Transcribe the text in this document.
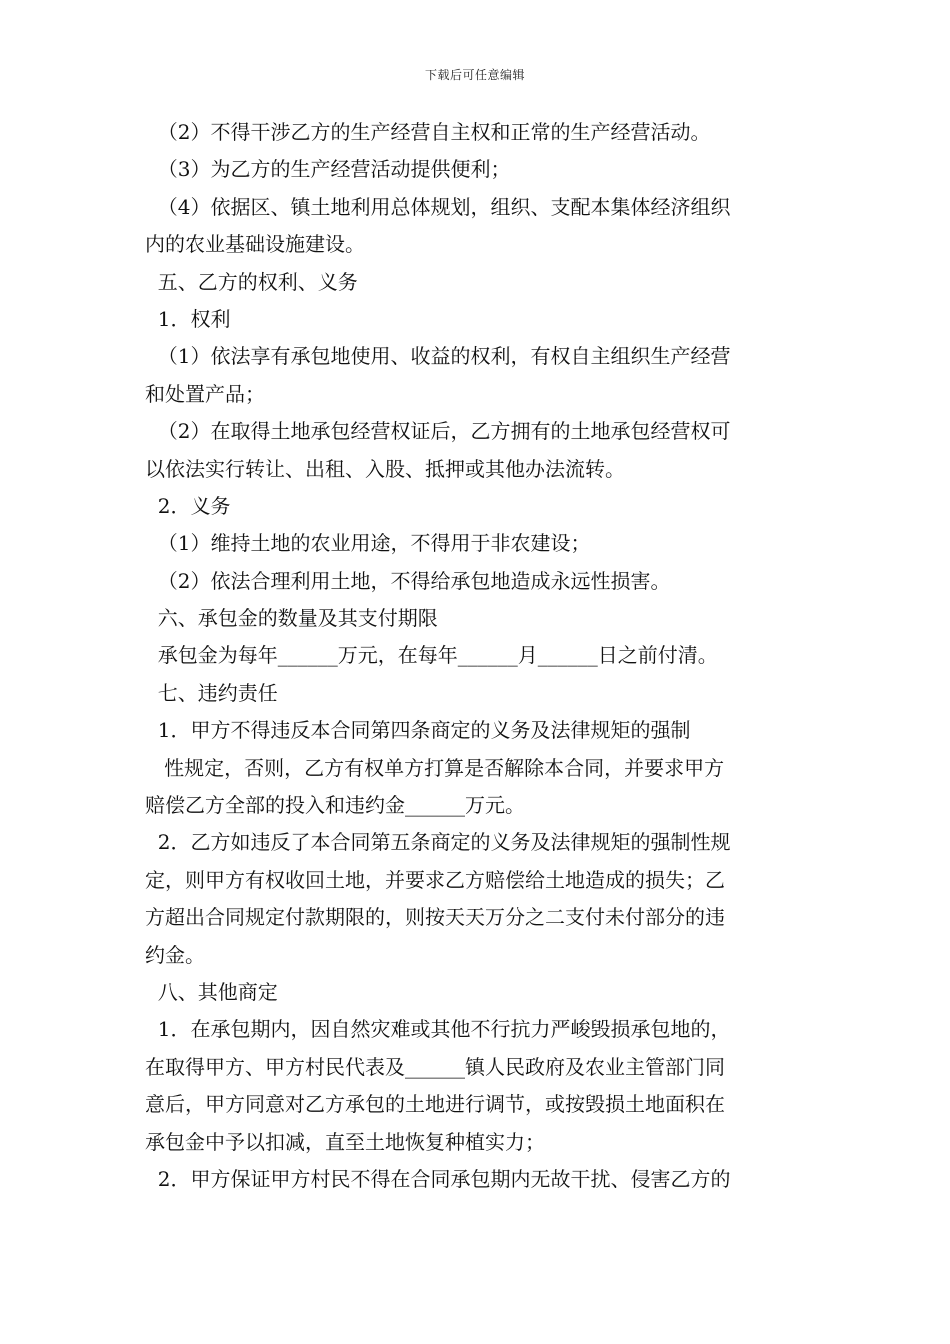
下载后可任意编辑
（2）不得干涉乙方的生产经营自主权和正常的生产经营活动。
（3）为乙方的生产经营活动提供便利；
（4）依据区、镇土地利用总体规划，组织、支配本集体经济组织
内的农业基础设施建设。
五、乙方的权利、义务
1．权利
（1）依法享有承包地使用、收益的权利，有权自主组织生产经营
和处置产品；
（2）在取得土地承包经营权证后，乙方拥有的土地承包经营权可
以依法实行转让、出租、入股、抵押或其他办法流转。
2．义务
（1）维持土地的农业用途，不得用于非农建设；
（2）依法合理利用土地，不得给承包地造成永远性损害。
六、承包金的数量及其支付期限
承包金为每年______万元，在每年______月______日之前付清。
七、违约责任
1．甲方不得违反本合同第四条商定的义务及法律规矩的强制
性规定，否则，乙方有权单方打算是否解除本合同，并要求甲方
赔偿乙方全部的投入和违约金______万元。
2．乙方如违反了本合同第五条商定的义务及法律规矩的强制性规
定，则甲方有权收回土地，并要求乙方赔偿给土地造成的损失；乙
方超出合同规定付款期限的，则按天天万分之二支付未付部分的违
约金。
八、其他商定
1．在承包期内，因自然灾难或其他不行抗力严峻毁损承包地的，
在取得甲方、甲方村民代表及______镇人民政府及农业主管部门同
意后，甲方同意对乙方承包的土地进行调节，或按毁损土地面积在
承包金中予以扣减，直至土地恢复种植实力；
2．甲方保证甲方村民不得在合同承包期内无故干扰、侵害乙方的
